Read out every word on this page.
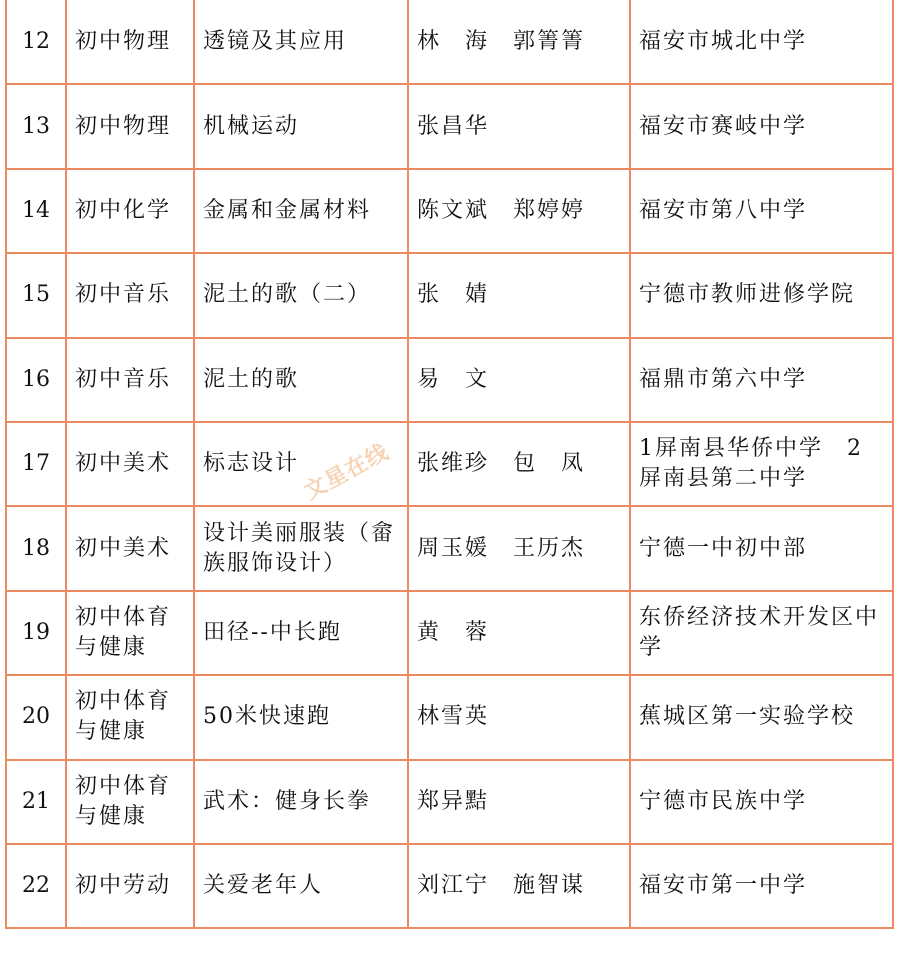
12	初中物理	透镜及其应用	林　海　郭箐箐	福安市城北中学
13	初中物理	机械运动	张昌华	福安市赛岐中学
14	初中化学	金属和金属材料	陈文斌　郑婷婷	福安市第八中学
15	初中音乐	泥土的歌（二）	张　婧	宁德市教师进修学院
16	初中音乐	泥土的歌	易　文	福鼎市第六中学
17	初中美术	标志设计	张维珍　包　凤	1屏南县华侨中学　2屏南县第二中学
18	初中美术	设计美丽服装（畲族服饰设计）	周玉媛　王历杰	宁德一中初中部
19	初中体育与健康	田径--中长跑	黄　蓉	东侨经济技术开发区中学
20	初中体育与健康	50米快速跑	林雪英	蕉城区第一实验学校
21	初中体育与健康	武术：健身长拳	郑异黠	宁德市民族中学
22	初中劳动	关爱老年人	刘江宁　施智谋	福安市第一中学
文星在线
